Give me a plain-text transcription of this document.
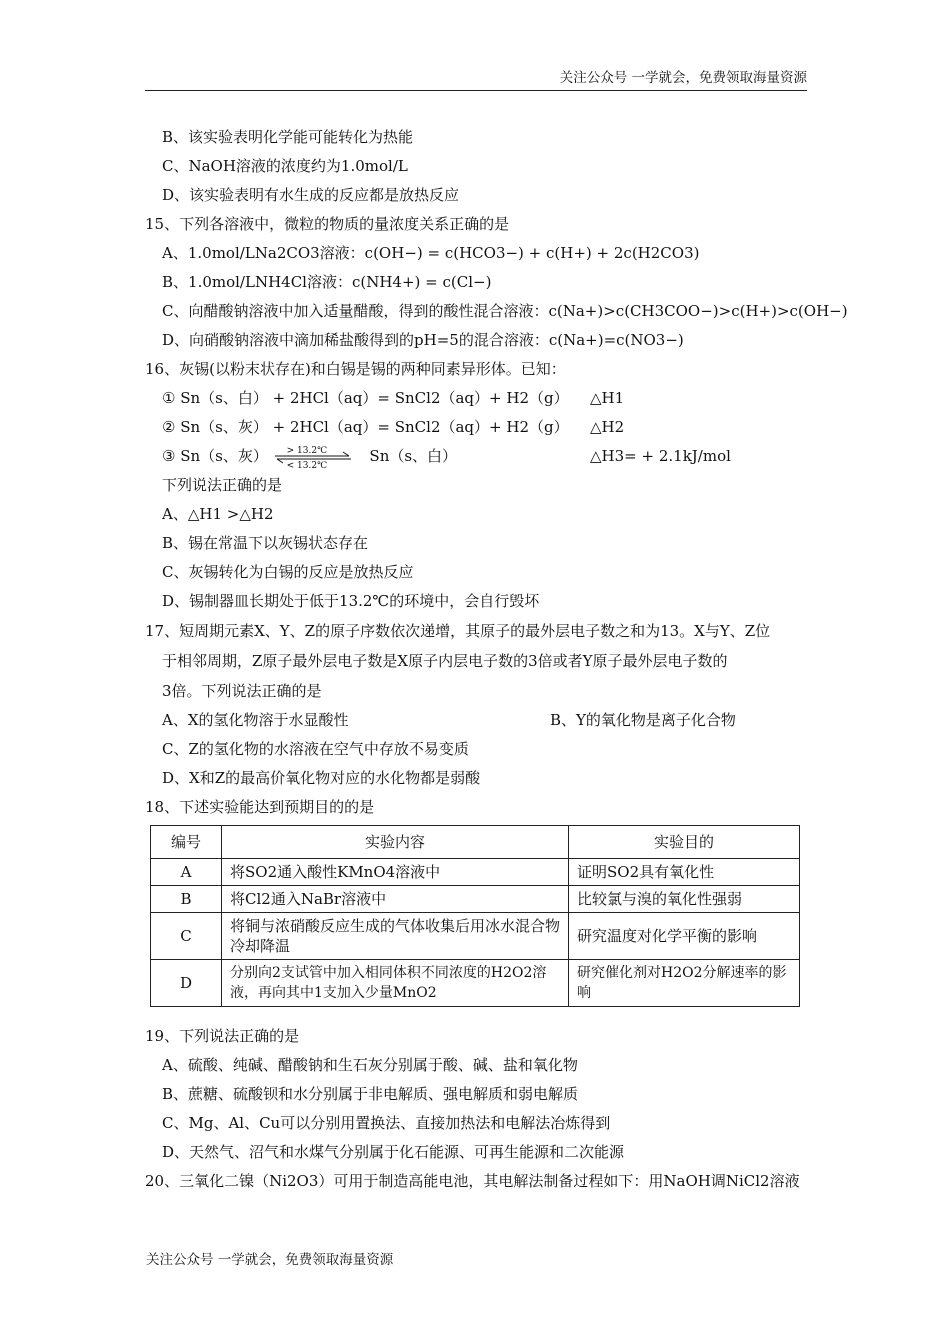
关注公众号 一学就会，免费领取海量资源
B、该实验表明化学能可能转化为热能
C、NaOH溶液的浓度约为1.0mol/L
D、该实验表明有水生成的反应都是放热反应
15、下列各溶液中，微粒的物质的量浓度关系正确的是
A、1.0mol/LNa2CO3溶液：c(OH−) = c(HCO3−) + c(H+) + 2c(H2CO3)
B、1.0mol/LNH4Cl溶液：c(NH4+) = c(Cl−)
C、向醋酸钠溶液中加入适量醋酸，得到的酸性混合溶液：c(Na+)>c(CH3COO−)>c(H+)>c(OH−)
D、向硝酸钠溶液中滴加稀盐酸得到的pH=5的混合溶液：c(Na+)=c(NO3−)
16、灰锡(以粉末状存在)和白锡是锡的两种同素异形体。已知：
① Sn（s、白） + 2HCl（aq）= SnCl2（aq）+ H2（g） △H1
② Sn（s、灰） + 2HCl（aq）= SnCl2（aq）+ H2（g） △H2
③ Sn（s、灰） > 13.2℃
< 13.2℃
Sn（s、白）	△H3= + 2.1kJ/mol
下列说法正确的是
A、△H1 >△H2
B、锡在常温下以灰锡状态存在
C、灰锡转化为白锡的反应是放热反应
D、锡制器皿长期处于低于13.2℃的环境中，会自行毁坏
17、短周期元素X、Y、Z的原子序数依次递增，其原子的最外层电子数之和为13。X与Y、Z位
于相邻周期，Z原子最外层电子数是X原子内层电子数的3倍或者Y原子最外层电子数的
3倍。下列说法正确的是
A、X的氢化物溶于水显酸性	B、Y的氧化物是离子化合物
C、Z的氢化物的水溶液在空气中存放不易变质
D、X和Z的最高价氧化物对应的水化物都是弱酸
18、下述实验能达到预期目的的是
编号	实验内容	实验目的
A	将SO2通入酸性KMnO4溶液中	证明SO2具有氧化性
B	将Cl2通入NaBr溶液中	比较氯与溴的氧化性强弱
C	将铜与浓硝酸反应生成的气体收集后用冰水混合物冷却降温	研究温度对化学平衡的影响
D	分别向2支试管中加入相同体积不同浓度的H2O2溶液，再向其中1支加入少量MnO2	研究催化剂对H2O2分解速率的影响
19、下列说法正确的是
A、硫酸、纯碱、醋酸钠和生石灰分别属于酸、碱、盐和氧化物
B、蔗糖、硫酸钡和水分别属于非电解质、强电解质和弱电解质
C、Mg、Al、Cu可以分别用置换法、直接加热法和电解法冶炼得到
D、天然气、沼气和水煤气分别属于化石能源、可再生能源和二次能源
20、三氧化二镍（Ni2O3）可用于制造高能电池，其电解法制备过程如下：用NaOH调NiCl2溶液
关注公众号 一学就会，免费领取海量资源
